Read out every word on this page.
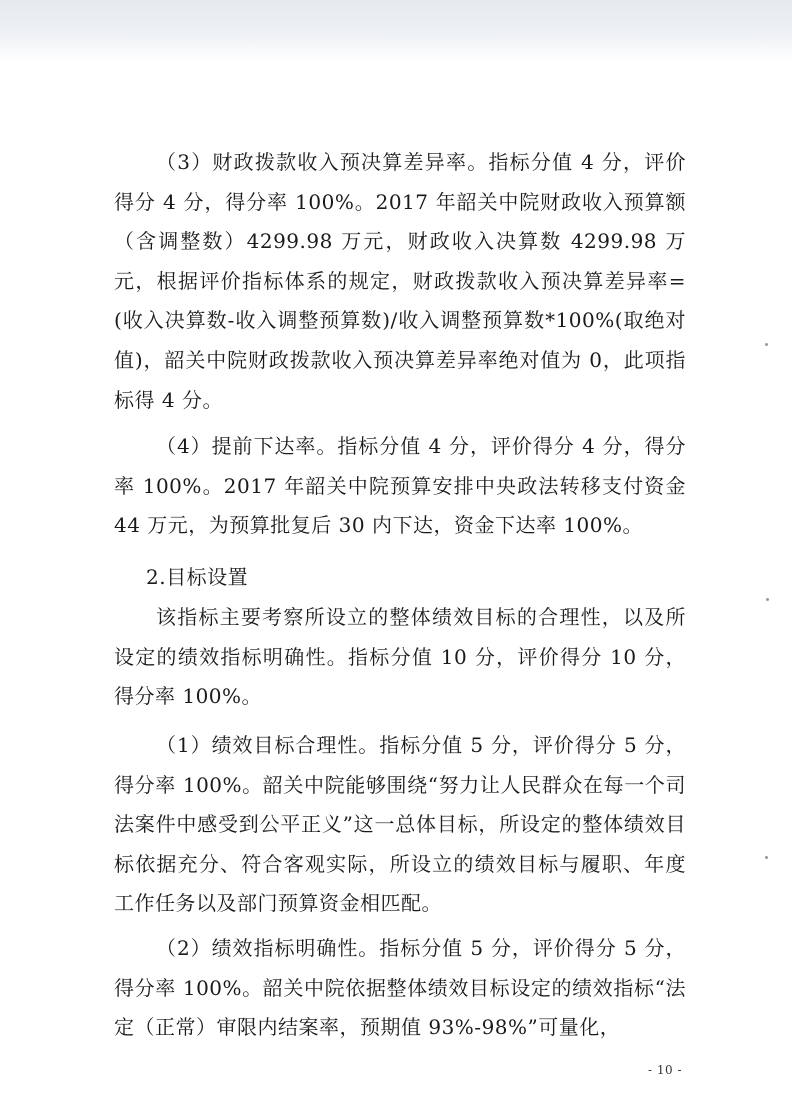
（3）财政拨款收入预决算差异率。指标分值 4 分，评价得分 4 分，得分率 100%。2017 年韶关中院财政收入预算额（含调整数）4299.98 万元，财政收入决算数 4299.98 万元，根据评价指标体系的规定，财政拨款收入预决算差异率=(收入决算数-收入调整预算数)/收入调整预算数*100%(取绝对值)，韶关中院财政拨款收入预决算差异率绝对值为 0，此项指标得 4 分。

（4）提前下达率。指标分值 4 分，评价得分 4 分，得分率 100%。2017 年韶关中院预算安排中央政法转移支付资金 44 万元，为预算批复后 30 内下达，资金下达率 100%。

2.目标设置

该指标主要考察所设立的整体绩效目标的合理性，以及所设定的绩效指标明确性。指标分值 10 分，评价得分 10 分，得分率 100%。

（1）绩效目标合理性。指标分值 5 分，评价得分 5 分，得分率 100%。韶关中院能够围绕“努力让人民群众在每一个司法案件中感受到公平正义”这一总体目标，所设定的整体绩效目标依据充分、符合客观实际，所设立的绩效目标与履职、年度工作任务以及部门预算资金相匹配。

（2）绩效指标明确性。指标分值 5 分，评价得分 5 分，得分率 100%。韶关中院依据整体绩效目标设定的绩效指标“法定（正常）审限内结案率，预期值 93%-98%”可量化，

- 10 -
